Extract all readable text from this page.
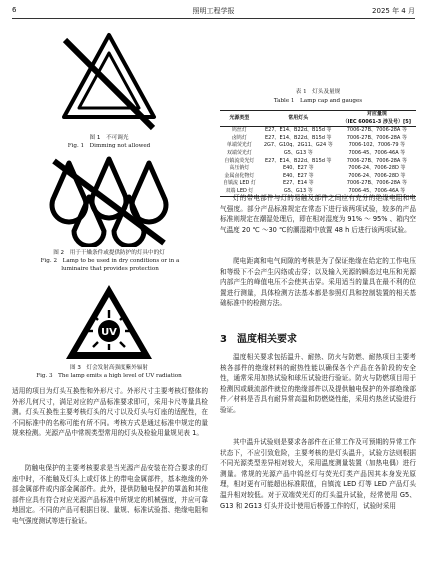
6	照明工程学报	2025 年 4 月
图 1　不可调光
Fig. 1　Dimming not allowed
图 2　用于干燥条件或提供防护的灯具中的灯
Fig. 2　Lamp to be used in dry conditions or in a luminaire that provides protection
UV
图 3　灯会发射高强度紫外辐射
Fig. 3　The lamp emits a high level of UV radiation
适用的项目为灯头互换性和外形尺寸。外形尺寸主要考核灯整体的外形几何尺寸，满足对应的产品标准要求即可，采用卡尺等量具检测。灯头互换性主要考核灯头的尺寸以及灯头与灯座的适配性，在不同标准中的名称可能有所不同。考核方式是通过标准中规定的量规来检测。光源产品中常规类型常用的灯头及检验用量规见表 1。
防触电保护的主要考核要求是当光源产品安装在符合要求的灯座中时，不能触及灯头上或灯体上的带电金属部件，基本绝缘的外部金属部件或内部金属部件。此外，提供防触电保护的罩盖和其他部件应具有符合对应光源产品标准中所规定的机械强度，并应可靠地固定。不同的产品可根据目视、量规、标准试验指、绝缘电阻和电气强度测试等进行验证。
表 1　灯头及量规
Table 1　Lamp cap and gauges
光源类型	常用灯头	对应量规
		（IEC 60061-3 涉及号）[5]
钨丝灯	E27、E14、B22d、B15d 等	7006-27B、7006-28A 等
卤钨灯	E27、E14、B22d、B15d 等	7006-27B、7006-28A 等
单端荧光灯	2G7、G10q、2G11、G24 等	7006-102、7006-79 等
双端荧光灯	G5、G13 等	7006-45、7006-46A 等
自镇流荧光灯	E27、E14、B22d、B15d 等	7006-27B、7006-28A 等
高压钠灯	E40、E27 等	7006-24、7006-28D 等
金属卤化物灯	E40、E27 等	7006-24、7006-28D 等
自镇流 LED 灯	E27、E14 等	7006-27B、7006-28A 等
双端 LED 灯	G5、G13 等	7006-45、7006-46A 等
灯的带电部件与灯的易触及部件之间应有充分的绝缘电阻和电气强度。部分产品标准规定在常态下进行该两项试验，较多的产品标准则规定在潮湿处理后，即在相对湿度为 91% ～ 95% 、箱内空气温度 20 ℃ ～30 ℃的潮湿箱中放置 48 h 后进行该两项试验。
爬电距离和电气间隙的考核是为了保证绝缘在给定的工作电压和等级下不会产生闪络或击穿；以及输入光源的瞬态过电压和光源内部产生的峰值电压不会使其击穿。采用适当的量具在最不利的位置进行测量，具体检测方法基本都是参照灯具和控制装置的相关基础标准中的检测方法。
3　温度相关要求
温度相关要求包括温升、耐热、防火与防燃、耐热项目主要考核各部件的绝缘材料的耐热性能以确保各个产品在各阶段的安全性，通常采用加热试验和球压试验进行验证。防火与防燃项目用于检测因或载流部件就位的绝缘部件以及提供触电保护的外部绝缘部件／材料是否具有耐异常高温和防燃烧性能，采用灼热丝试验进行验证。
其中温升试验则是要求各部件在正常工作及可预期的异常工作状态下，不应引致危险，主要考核的是灯头温升，试验方法则根据不同光源类型差异相对较大，采用温度测量装置（加热电偶）进行测量。常规的光源产品中钨丝灯与荧光灯类产品因其本身发光原理，相对更有可能超出标准限值，自镇流 LED 灯等 LED 产品灯头温升相对较低。对于双端荧光灯的灯头温升试验，经常使用 G5、G13 和 2G13 灯头并设计使用后桥器工作的灯，试验时采用
